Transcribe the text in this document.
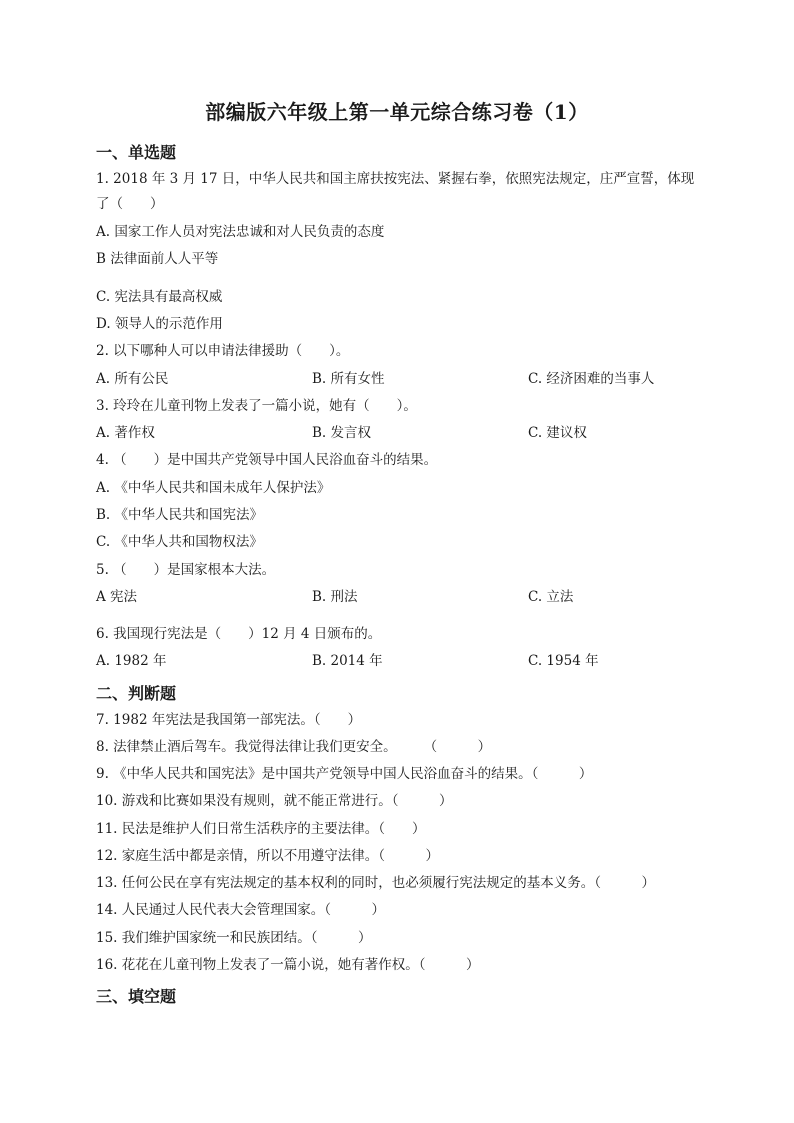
部编版六年级上第一单元综合练习卷（1）
一、单选题
1. 2018 年 3 月 17 日，中华人民共和国主席扶按宪法、紧握右拳，依照宪法规定，庄严宣誓，体现
了（　　）
A. 国家工作人员对宪法忠诚和对人民负责的态度
B 法律面前人人平等
C. 宪法具有最高权威
D. 领导人的示范作用
2. 以下哪种人可以申请法律援助（　　）。
A. 所有公民	B. 所有女性	C. 经济困难的当事人
3. 玲玲在儿童刊物上发表了一篇小说，她有（　　）。
A. 著作权	B. 发言权	C. 建议权
4. （　　）是中国共产党领导中国人民浴血奋斗的结果。
A. 《中华人民共和国未成年人保护法》
B. 《中华人民共和国宪法》
C. 《中华人共和国物权法》
5. （　　）是国家根本大法。
A 宪法	B. 刑法	C. 立法
6. 我国现行宪法是（　　）12 月 4 日颁布的。
A. 1982 年	B. 2014 年	C. 1954 年
二、判断题
7. 1982 年宪法是我国第一部宪法。（　　）
8. 法律禁止酒后驾车。我觉得法律让我们更安全。　　　（　　　）
9. 《中华人民共和国宪法》是中国共产党领导中国人民浴血奋斗的结果。（　　　）
10. 游戏和比赛如果没有规则，就不能正常进行。（　　　）
11. 民法是维护人们日常生活秩序的主要法律。（　　）
12. 家庭生活中都是亲情，所以不用遵守法律。（　　　）
13. 任何公民在享有宪法规定的基本权利的同时，也必须履行宪法规定的基本义务。（　　　）
14. 人民通过人民代表大会管理国家。（　　　）
15. 我们维护国家统一和民族团结。（　　　）
16. 花花在儿童刊物上发表了一篇小说，她有著作权。（　　　）
三、填空题
